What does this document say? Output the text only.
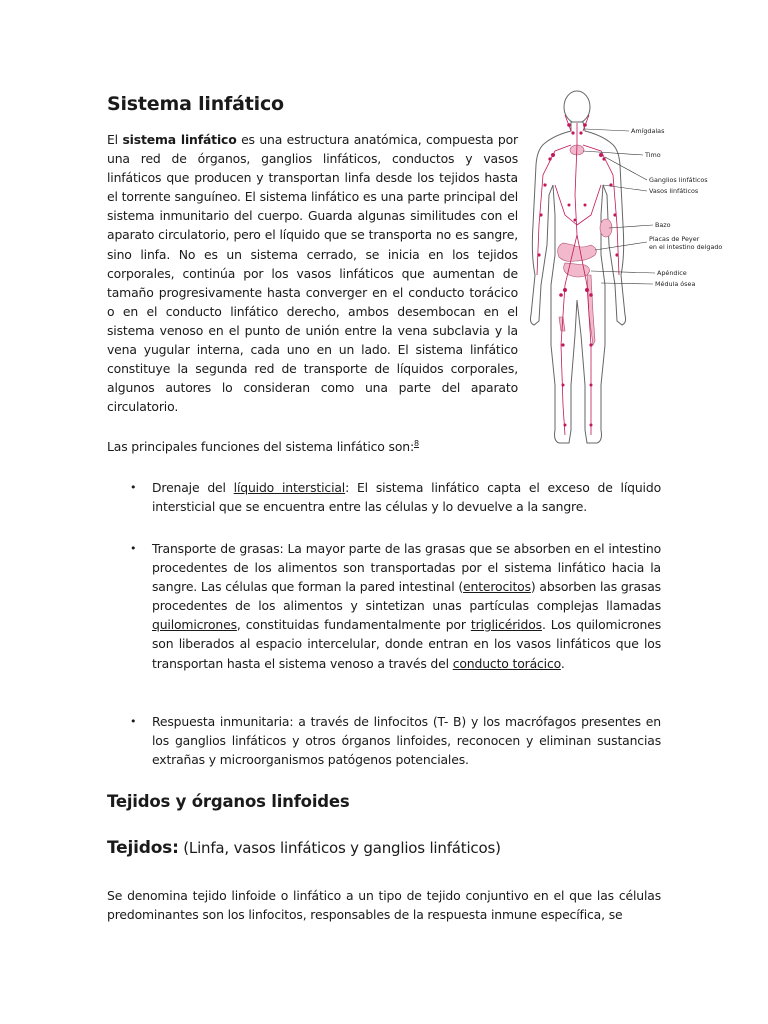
Sistema linfático

El sistema linfático es una estructura anatómica, compuesta por una red de órganos, ganglios linfáticos, conductos y vasos linfáticos que producen y transportan linfa desde los tejidos hasta el torrente sanguíneo. El sistema linfático es una parte principal del sistema inmunitario del cuerpo. Guarda algunas similitudes con el aparato circulatorio, pero el líquido que se transporta no es sangre, sino linfa. No es un sistema cerrado, se inicia en los tejidos corporales, continúa por los vasos linfáticos que aumentan de tamaño progresivamente hasta converger en el conducto torácico o en el conducto linfático derecho, ambos desembocan en el sistema venoso en el punto de unión entre la vena subclavia y la vena yugular interna, cada uno en un lado. El sistema linfático constituye la segunda red de transporte de líquidos corporales, algunos autores lo consideran como una parte del aparato circulatorio.

Las principales funciones del sistema linfático son:$^8$

• Drenaje del líquido intersticial: El sistema linfático capta el exceso de líquido intersticial que se encuentra entre las células y lo devuelve a la sangre.
• Transporte de grasas: La mayor parte de las grasas que se absorben en el intestino procedentes de los alimentos son transportadas por el sistema linfático hacia la sangre. Las células que forman la pared intestinal (enterocitos) absorben las grasas procedentes de los alimentos y sintetizan unas partículas complejas llamadas quilomicrones, constituidas fundamentalmente por triglicéridos. Los quilomicrones son liberados al espacio intercelular, donde entran en los vasos linfáticos que los transportan hasta el sistema venoso a través del conducto torácico.
• Respuesta inmunitaria: a través de linfocitos (T- B) y los macrófagos presentes en los ganglios linfáticos y otros órganos linfoides, reconocen y eliminan sustancias extrañas y microorganismos patógenos potenciales.
Tejidos y órganos linfoides

Tejidos: (Linfa, vasos linfáticos y ganglios linfáticos)

Se denomina tejido linfoide o linfático a un tipo de tejido conjuntivo en el que las células predominantes son los linfocitos, responsables de la respuesta inmune específica, se

Amígdalas
Timo
Ganglios linfáticos
Vasos linfáticos
Bazo
Placas de Peyer
en el intestino delgado
Apéndice
Médula ósea
